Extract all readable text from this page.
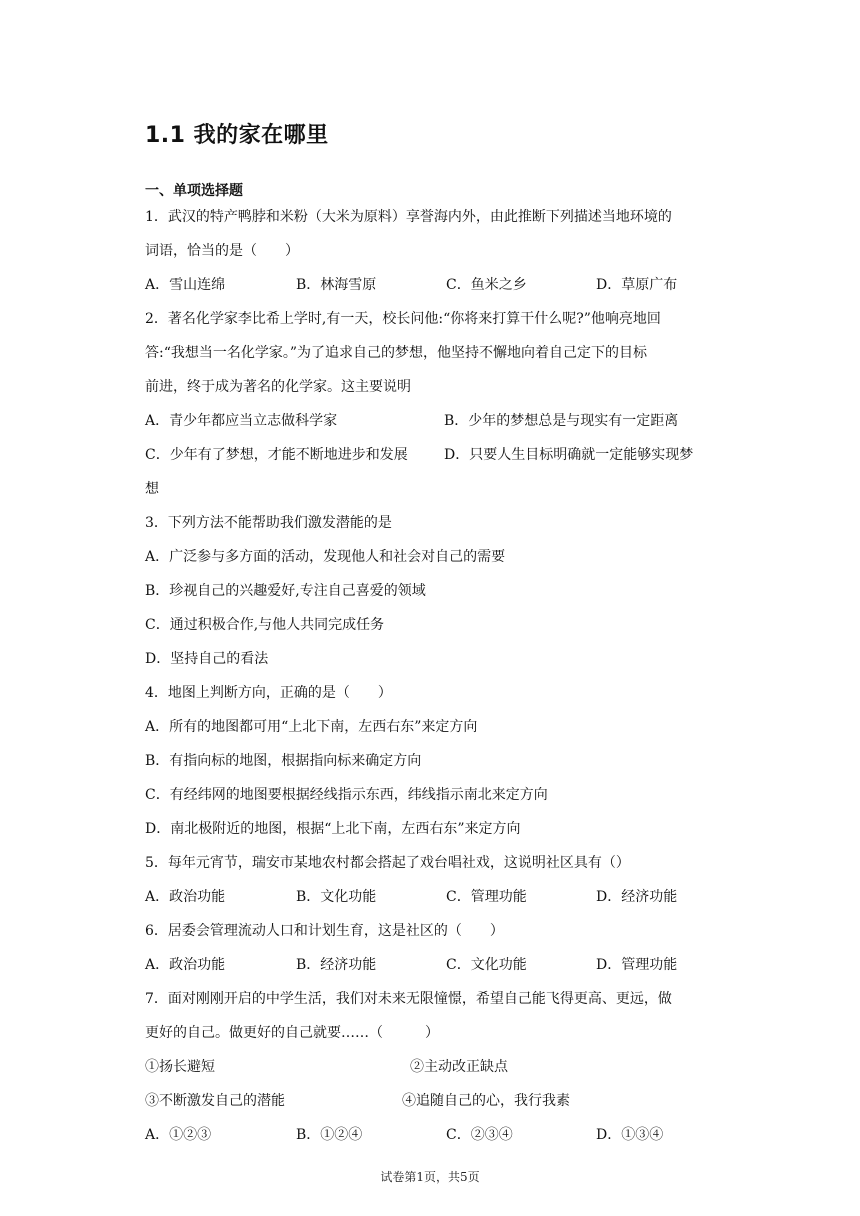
1.1 我的家在哪里
一、单项选择题
1．武汉的特产鸭脖和米粉（大米为原料）享誉海内外，由此推断下列描述当地环境的
词语，恰当的是（　　）
A．雪山连绵	B．林海雪原	C．鱼米之乡	D．草原广布
2．著名化学家李比希上学时,有一天，校长问他:“你将来打算干什么呢?”他响亮地回
答:“我想当一名化学家。”为了追求自己的梦想，他坚持不懈地向着自己定下的目标
前进，终于成为著名的化学家。这主要说明
A．青少年都应当立志做科学家	B．少年的梦想总是与现实有一定距离
C．少年有了梦想，才能不断地进步和发展	D．只要人生目标明确就一定能够实现梦
想
3．下列方法不能帮助我们激发潜能的是
A．广泛参与多方面的活动，发现他人和社会对自己的需要
B．珍视自己的兴趣爱好,专注自己喜爱的领域
C．通过积极合作,与他人共同完成任务
D．坚持自己的看法
4．地图上判断方向，正确的是（　　）
A．所有的地图都可用“上北下南，左西右东”来定方向
B．有指向标的地图，根据指向标来确定方向
C．有经纬网的地图要根据经线指示东西，纬线指示南北来定方向
D．南北极附近的地图，根据“上北下南，左西右东”来定方向
5．每年元宵节，瑞安市某地农村都会搭起了戏台唱社戏，这说明社区具有（）
A．政治功能	B．文化功能	C．管理功能	D．经济功能
6．居委会管理流动人口和计划生育，这是社区的（　　）
A．政治功能	B．经济功能	C．文化功能	D．管理功能
7．面对刚刚开启的中学生活，我们对未来无限憧憬，希望自己能飞得更高、更远，做
更好的自己。做更好的自己就要……（　　　）
①扬长避短	②主动改正缺点
③不断激发自己的潜能	④追随自己的心，我行我素
A．①②③	B．①②④	C．②③④	D．①③④
试卷第1页，共5页
